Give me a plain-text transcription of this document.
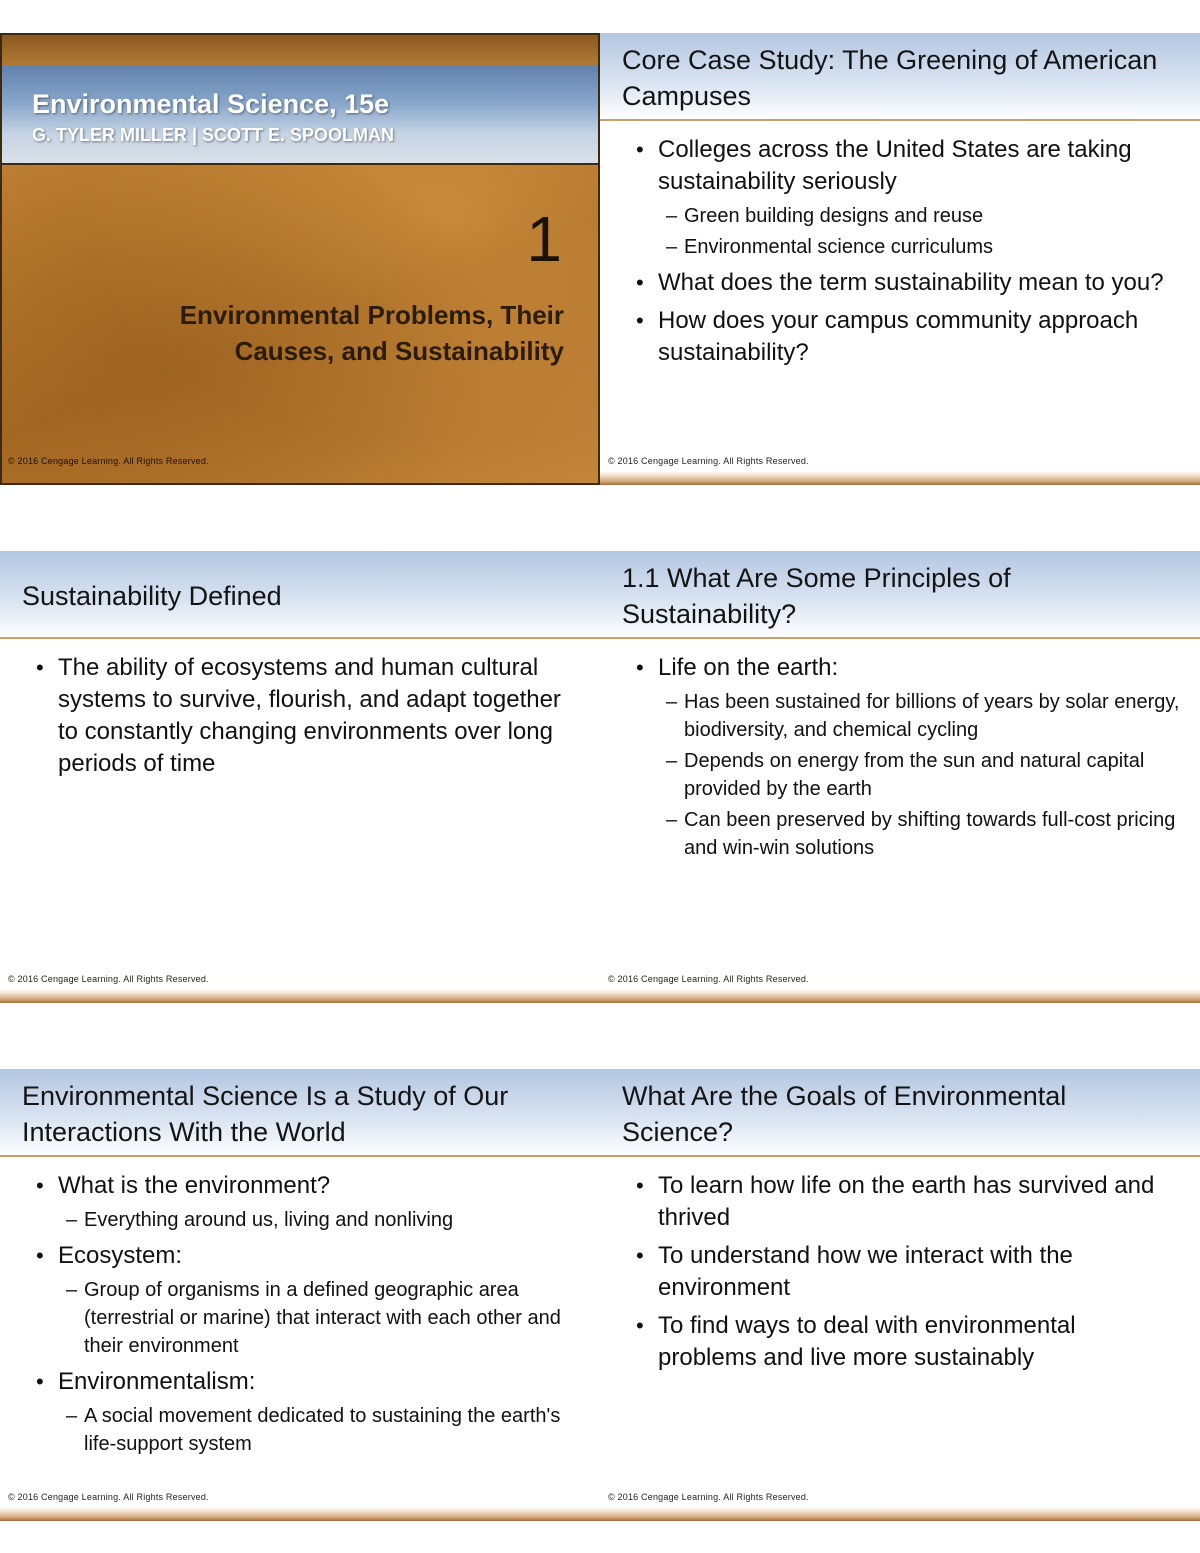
Environmental Science, 15e
G. TYLER MILLER | SCOTT E. SPOOLMAN
1
Environmental Problems, Their Causes, and Sustainability
© 2016 Cengage Learning. All Rights Reserved.
Core Case Study: The Greening of American Campuses
• Colleges across the United States are taking sustainability seriously
– Green building designs and reuse
– Environmental science curriculums
• What does the term sustainability mean to you?
• How does your campus community approach sustainability?
© 2016 Cengage Learning. All Rights Reserved.
Sustainability Defined
• The ability of ecosystems and human cultural systems to survive, flourish, and adapt together to constantly changing environments over long periods of time
© 2016 Cengage Learning. All Rights Reserved.
1.1 What Are Some Principles of Sustainability?
• Life on the earth:
– Has been sustained for billions of years by solar energy, biodiversity, and chemical cycling
– Depends on energy from the sun and natural capital provided by the earth
– Can been preserved by shifting towards full-cost pricing and win-win solutions
© 2016 Cengage Learning. All Rights Reserved.
Environmental Science Is a Study of Our Interactions With the World
• What is the environment?
– Everything around us, living and nonliving
• Ecosystem:
– Group of organisms in a defined geographic area (terrestrial or marine) that interact with each other and their environment
• Environmentalism:
– A social movement dedicated to sustaining the earth's life-support system
© 2016 Cengage Learning. All Rights Reserved.
What Are the Goals of Environmental Science?
• To learn how life on the earth has survived and thrived
• To understand how we interact with the environment
• To find ways to deal with environmental problems and live more sustainably
© 2016 Cengage Learning. All Rights Reserved.
